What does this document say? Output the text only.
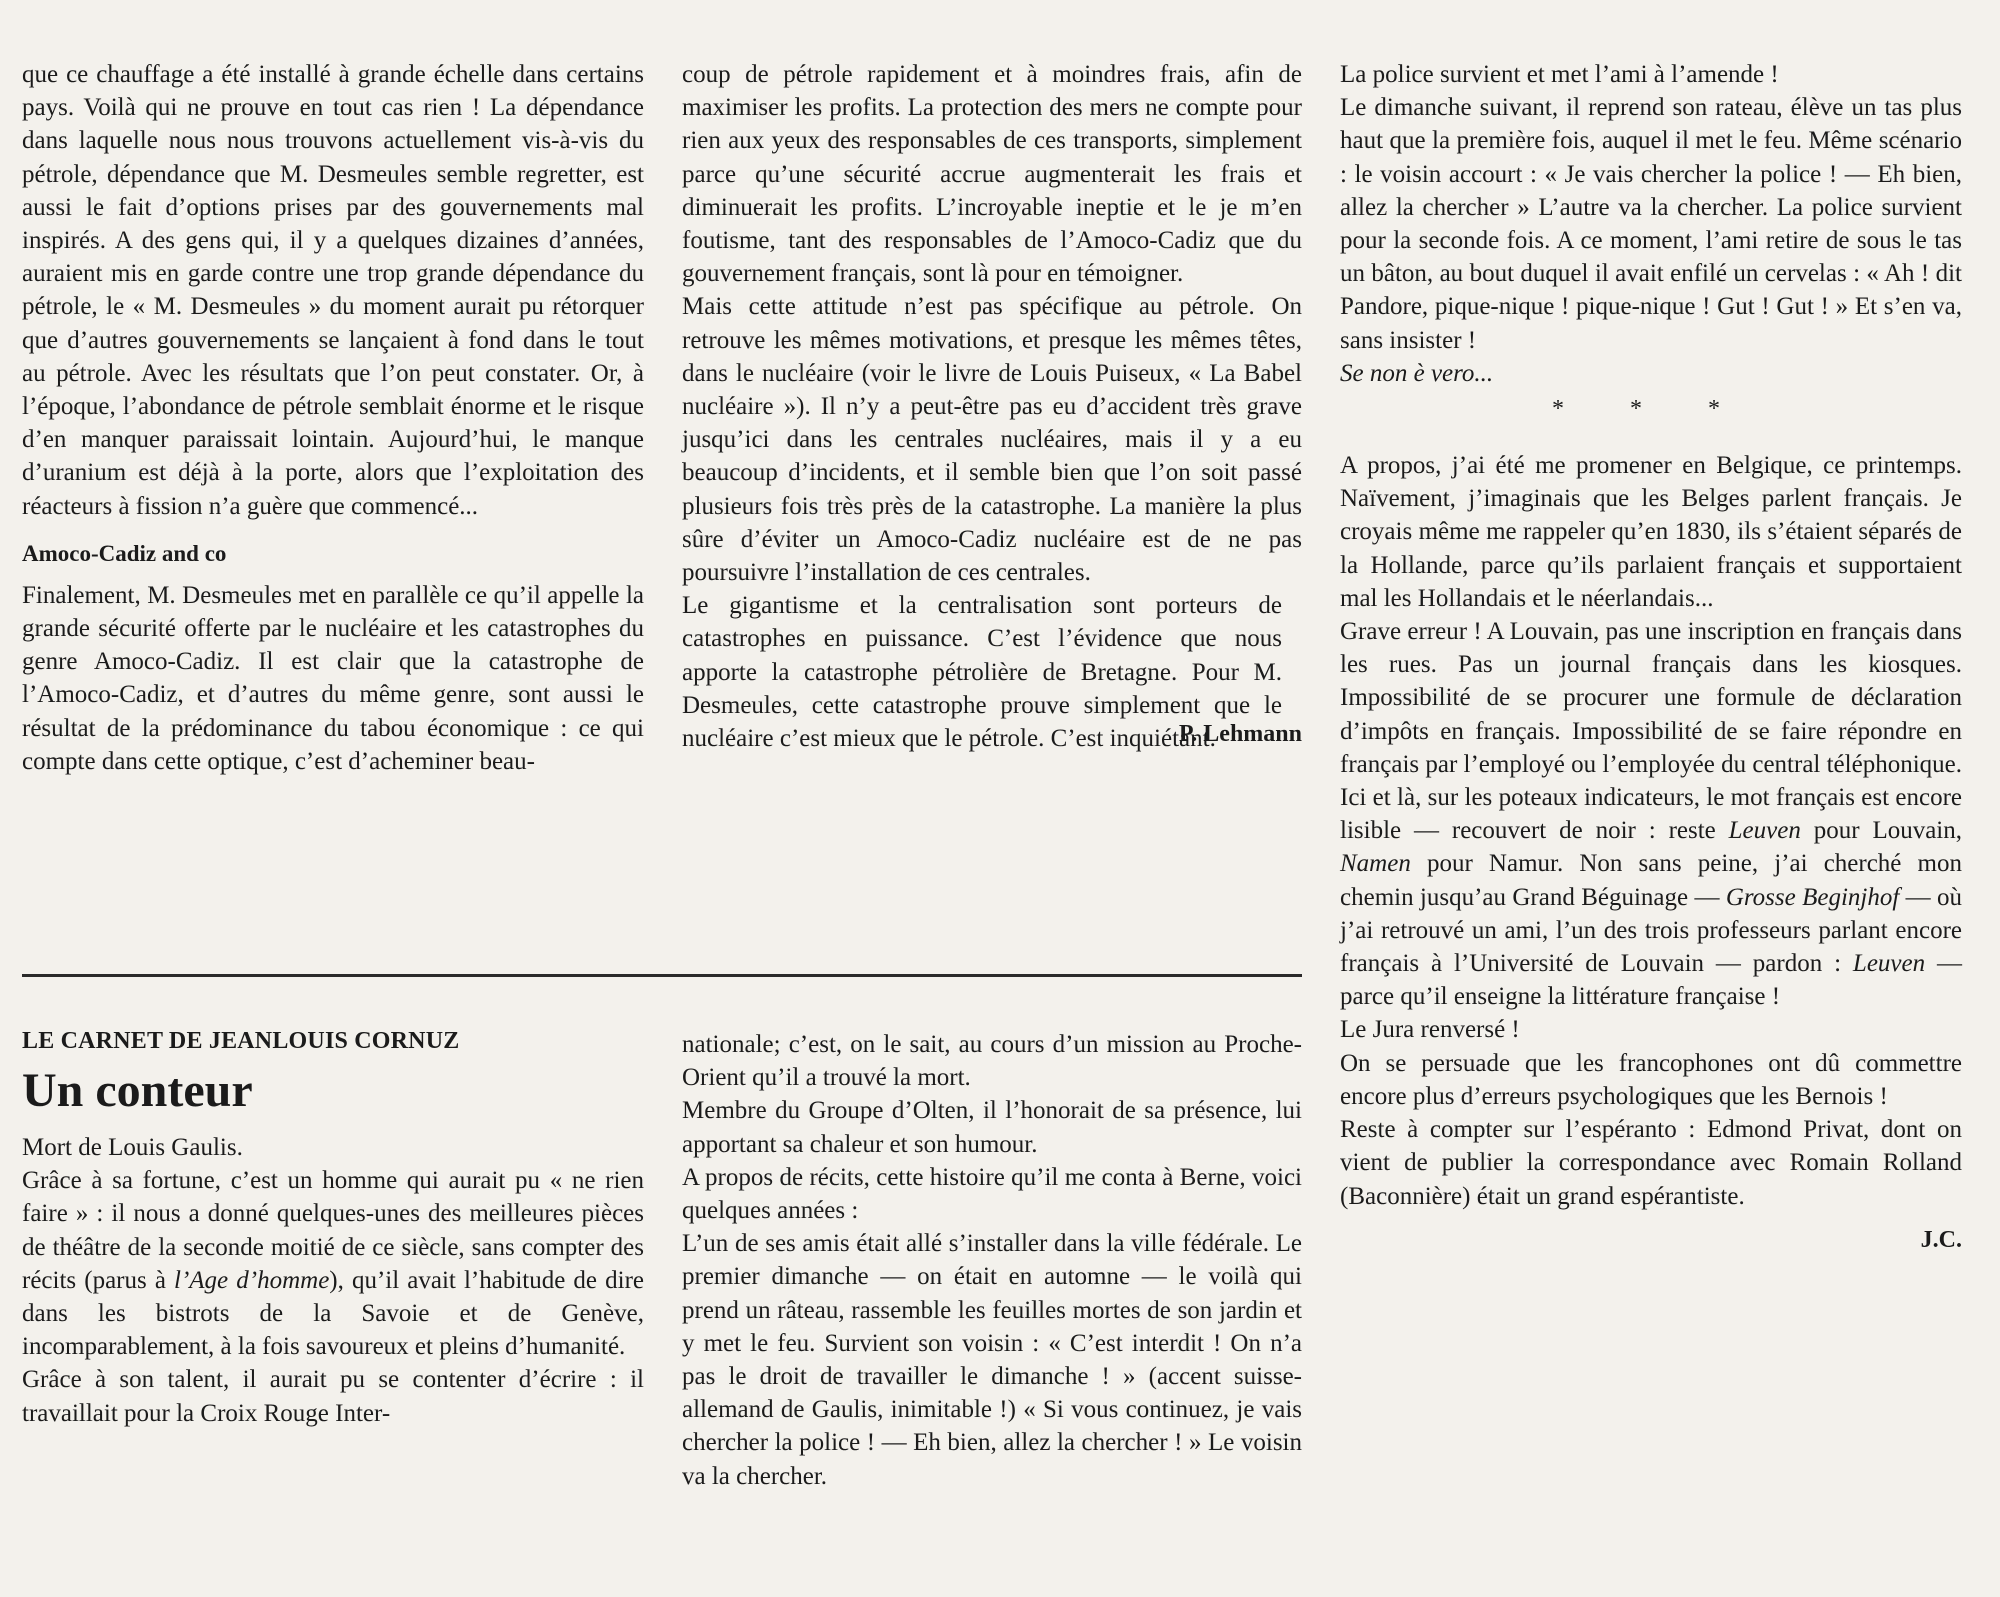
que ce chauffage a été installé à grande échelle dans certains pays. Voilà qui ne prouve en tout cas rien ! La dépendance dans laquelle nous nous trouvons actuellement vis-à-vis du pétrole, dépendance que M. Desmeules semble regretter, est aussi le fait d’options prises par des gouvernements mal inspirés. A des gens qui, il y a quelques dizaines d’années, auraient mis en garde contre une trop grande dépendance du pétrole, le « M. Desmeules » du moment aurait pu rétorquer que d’autres gouvernements se lançaient à fond dans le tout au pétrole. Avec les résultats que l’on peut constater. Or, à l’époque, l’abondance de pétrole semblait énorme et le risque d’en manquer paraissait lointain. Aujourd’hui, le manque d’uranium est déjà à la porte, alors que l’exploitation des réacteurs à fission n’a guère que commencé...

Amoco-Cadiz and co

Finalement, M. Desmeules met en parallèle ce qu’il appelle la grande sécurité offerte par le nucléaire et les catastrophes du genre Amoco-Cadiz. Il est clair que la catastrophe de l’Amoco-Cadiz, et d’autres du même genre, sont aussi le résultat de la prédominance du tabou économique : ce qui compte dans cette optique, c’est d’acheminer beau-

coup de pétrole rapidement et à moindres frais, afin de maximiser les profits. La protection des mers ne compte pour rien aux yeux des responsables de ces transports, simplement parce qu’une sécurité accrue augmenterait les frais et diminuerait les profits. L’incroyable ineptie et le je m’en foutisme, tant des responsables de l’Amoco-Cadiz que du gouvernement français, sont là pour en témoigner.

Mais cette attitude n’est pas spécifique au pétrole. On retrouve les mêmes motivations, et presque les mêmes têtes, dans le nucléaire (voir le livre de Louis Puiseux, « La Babel nucléaire »). Il n’y a peut-être pas eu d’accident très grave jusqu’ici dans les centrales nucléaires, mais il y a eu beaucoup d’incidents, et il semble bien que l’on soit passé plusieurs fois très près de la catastrophe. La manière la plus sûre d’éviter un Amoco-Cadiz nucléaire est de ne pas poursuivre l’installation de ces centrales.

Le gigantisme et la centralisation sont porteurs de catastrophes en puissance. C’est l’évidence que nous apporte la catastrophe pétrolière de Bretagne. Pour M. Desmeules, cette catastrophe prouve simplement que le nucléaire c’est mieux que le pétrole. C’est inquiétant.

P. Lehmann

LE CARNET DE JEANLOUIS CORNUZ

Un conteur

Mort de Louis Gaulis.

Grâce à sa fortune, c’est un homme qui aurait pu « ne rien faire » : il nous a donné quelques-unes des meilleures pièces de théâtre de la seconde moitié de ce siècle, sans compter des récits (parus à l’Age d’homme), qu’il avait l’habitude de dire dans les bistrots de la Savoie et de Genève, incomparablement, à la fois savoureux et pleins d’humanité.

Grâce à son talent, il aurait pu se contenter d’écrire : il travaillait pour la Croix Rouge Inter-

nationale; c’est, on le sait, au cours d’un mission au Proche-Orient qu’il a trouvé la mort.

Membre du Groupe d’Olten, il l’honorait de sa présence, lui apportant sa chaleur et son humour.

A propos de récits, cette histoire qu’il me conta à Berne, voici quelques années :

L’un de ses amis était allé s’installer dans la ville fédérale. Le premier dimanche — on était en automne — le voilà qui prend un râteau, rassemble les feuilles mortes de son jardin et y met le feu. Survient son voisin : « C’est interdit ! On n’a pas le droit de travailler le dimanche ! » (accent suisse-allemand de Gaulis, inimitable !) « Si vous continuez, je vais chercher la police ! — Eh bien, allez la chercher ! » Le voisin va la chercher.

La police survient et met l’ami à l’amende !

Le dimanche suivant, il reprend son rateau, élève un tas plus haut que la première fois, auquel il met le feu. Même scénario : le voisin accourt : « Je vais chercher la police ! — Eh bien, allez la chercher » L’autre va la chercher. La police survient pour la seconde fois. A ce moment, l’ami retire de sous le tas un bâton, au bout duquel il avait enfilé un cervelas : « Ah ! dit Pandore, pique-nique ! pique-nique ! Gut ! Gut ! » Et s’en va, sans insister !

Se non è vero...

* * *

A propos, j’ai été me promener en Belgique, ce printemps. Naïvement, j’imaginais que les Belges parlent français. Je croyais même me rappeler qu’en 1830, ils s’étaient séparés de la Hollande, parce qu’ils parlaient français et supportaient mal les Hollandais et le néerlandais...

Grave erreur ! A Louvain, pas une inscription en français dans les rues. Pas un journal français dans les kiosques. Impossibilité de se procurer une formule de déclaration d’impôts en français. Impossibilité de se faire répondre en français par l’employé ou l’employée du central téléphonique. Ici et là, sur les poteaux indicateurs, le mot français est encore lisible — recouvert de noir : reste Leuven pour Louvain, Namen pour Namur. Non sans peine, j’ai cherché mon chemin jusqu’au Grand Béguinage — Grosse Beginjhof — où j’ai retrouvé un ami, l’un des trois professeurs parlant encore français à l’Université de Louvain — pardon : Leuven — parce qu’il enseigne la littérature française !

Le Jura renversé !

On se persuade que les francophones ont dû commettre encore plus d’erreurs psychologiques que les Bernois !

Reste à compter sur l’espéranto : Edmond Privat, dont on vient de publier la correspondance avec Romain Rolland (Baconnière) était un grand espérantiste.

J.C.
